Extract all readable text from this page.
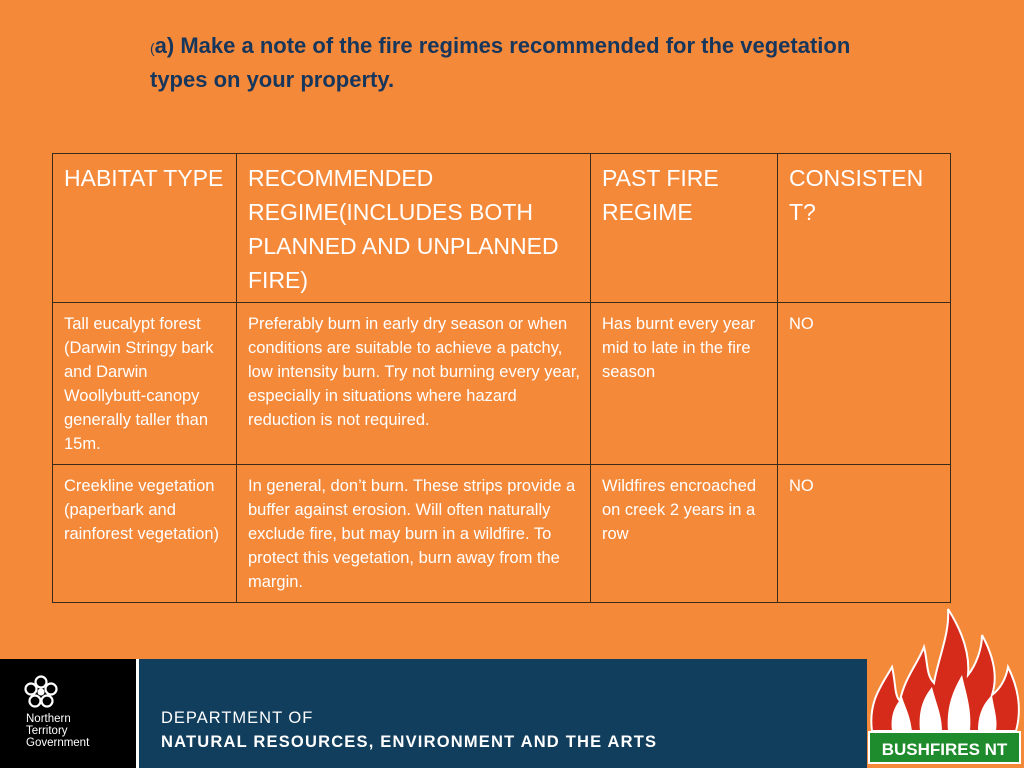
(a) Make a note of the fire regimes recommended for the vegetation types on your property.
HABITAT TYPE	RECOMMENDED REGIME(INCLUDES BOTH PLANNED AND UNPLANNED FIRE)	PAST FIRE REGIME	CONSISTENT?
Tall eucalypt forest (Darwin Stringy bark and Darwin Woollybutt-canopy generally taller than 15m.	Preferably burn in early dry season or when conditions are suitable to achieve a patchy, low intensity burn. Try not burning every year, especially in situations where hazard reduction is not required.	Has burnt every year mid to late in the fire season	NO
Creekline vegetation (paperbark and rainforest vegetation)	In general, don’t burn. These strips provide a buffer against erosion. Will often naturally exclude fire, but may burn in a wildfire. To protect this vegetation, burn away from the margin.	Wildfires encroached on creek 2 years in a row	NO
Northern
Territory
Government
DEPARTMENT OF
NATURAL RESOURCES, ENVIRONMENT AND THE ARTS	BUSHFIRES NT
